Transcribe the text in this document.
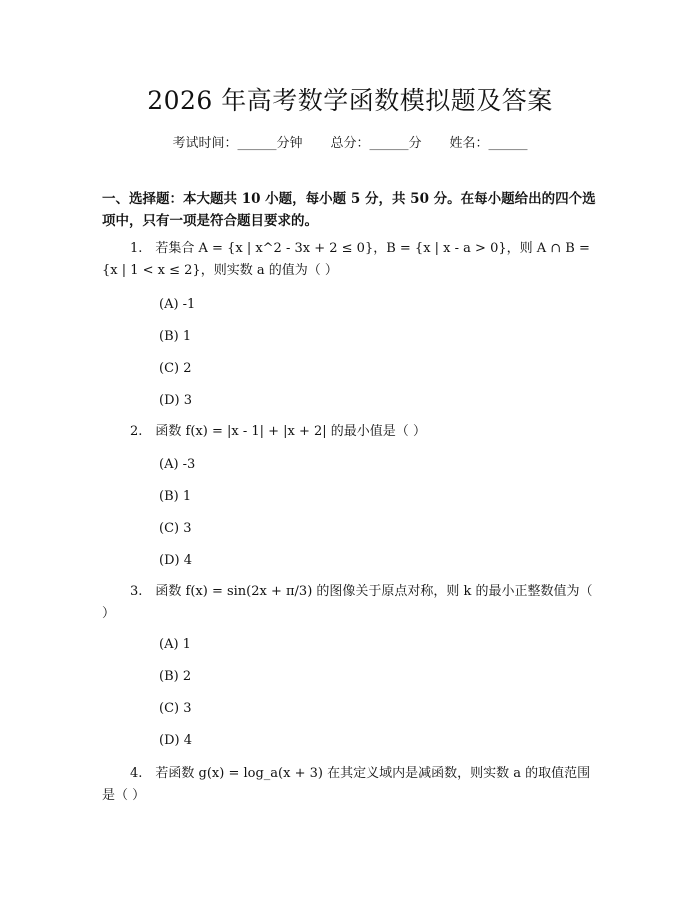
2026 年高考数学函数模拟题及答案
考试时间：______分钟 总分：______分 姓名：______
一、选择题：本大题共 10 小题，每小题 5 分，共 50 分。在每小题给出的四个选项中，只有一项是符合题目要求的。
1.　若集合 A = {x | x^2 - 3x + 2 ≤ 0}，B = {x | x - a > 0}，则 A ∩ B = {x | 1 < x ≤ 2}，则实数 a 的值为（ ）
(A) -1
(B) 1
(C) 2
(D) 3
2.　函数 f(x) = |x - 1| + |x + 2| 的最小值是（ ）
(A) -3
(B) 1
(C) 3
(D) 4
3.　函数 f(x) = sin(2x + π/3) 的图像关于原点对称，则 k 的最小正整数值为（ ）
(A) 1
(B) 2
(C) 3
(D) 4
4.　若函数 g(x) = log_a(x + 3) 在其定义域内是减函数，则实数 a 的取值范围是（ ）
